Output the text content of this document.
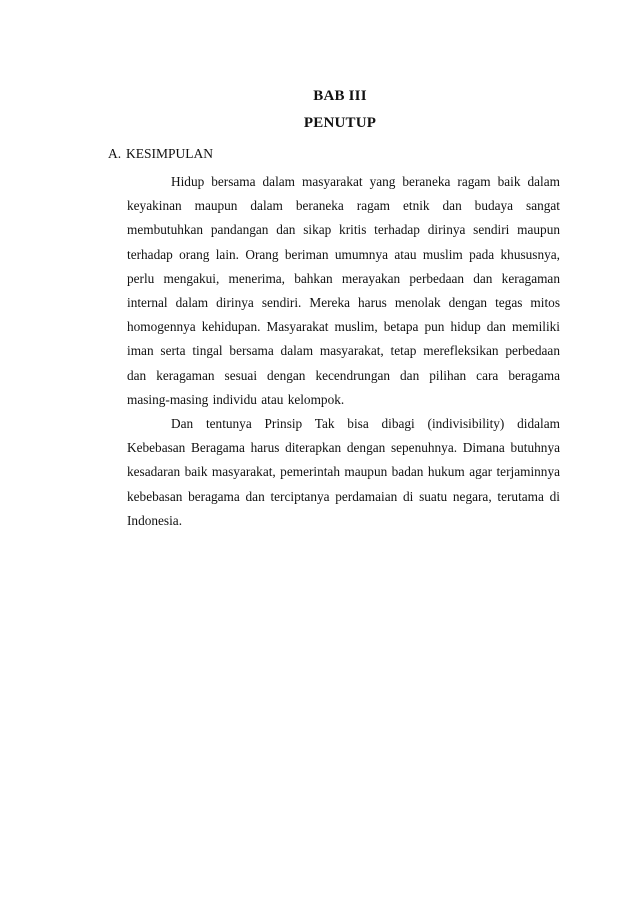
BAB III
PENUTUP
A. KESIMPULAN

Hidup bersama dalam masyarakat yang beraneka ragam baik dalam keyakinan maupun dalam beraneka ragam etnik dan budaya sangat membutuhkan pandangan dan sikap kritis terhadap dirinya sendiri maupun terhadap orang lain. Orang beriman umumnya atau muslim pada khususnya, perlu mengakui, menerima, bahkan merayakan perbedaan dan keragaman internal dalam dirinya sendiri. Mereka harus menolak dengan tegas mitos homogennya kehidupan. Masyarakat muslim, betapa pun hidup dan memiliki iman serta tingal bersama dalam masyarakat, tetap merefleksikan perbedaan dan keragaman sesuai dengan kecendrungan dan pilihan cara beragama masing-masing individu atau kelompok.

Dan tentunya Prinsip Tak bisa dibagi (indivisibility) didalam Kebebasan Beragama harus diterapkan dengan sepenuhnya. Dimana butuhnya kesadaran baik masyarakat, pemerintah maupun badan hukum agar terjaminnya kebebasan beragama dan terciptanya perdamaian di suatu negara, terutama di Indonesia.
